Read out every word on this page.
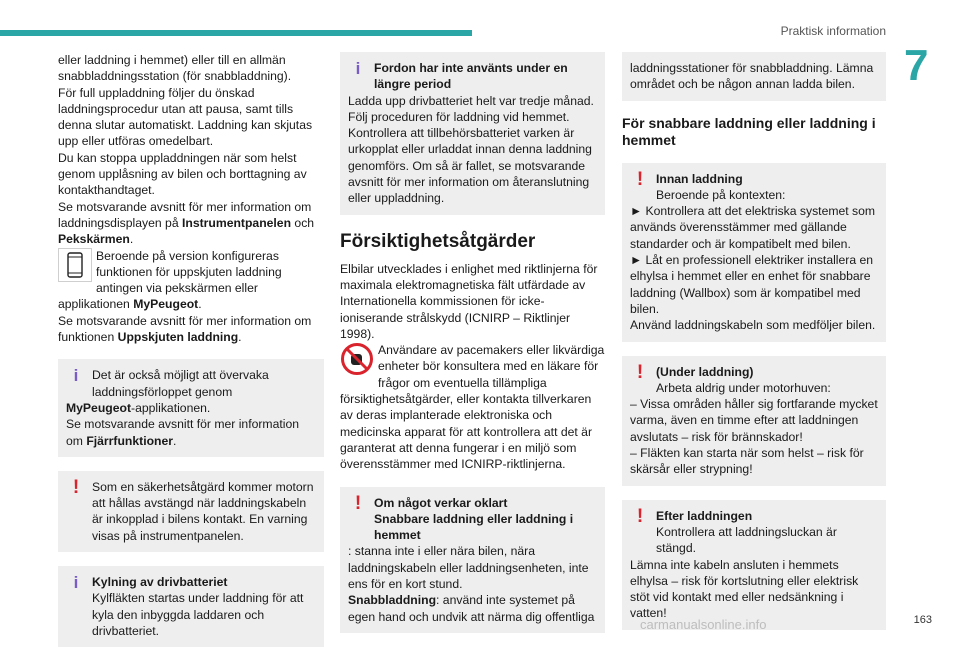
Praktisk information
7

eller laddning i hemmet) eller till en allmän snabbladdningsstation (för snabbladdning).

För full uppladdning följer du önskad laddningsprocedur utan att pausa, samt tills denna slutar automatiskt. Laddning kan skjutas upp eller utföras omedelbart.

Du kan stoppa uppladdningen när som helst genom upplåsning av bilen och borttagning av kontakthandtaget.

Se motsvarande avsnitt för mer information om laddningsdisplayen på Instrumentpanelen och Pekskärmen.

Beroende på version konfigureras funktionen för uppskjuten laddning antingen via pekskärmen eller applikationen MyPeugeot.

Se motsvarande avsnitt för mer information om funktionen Uppskjuten laddning.

i	Det är också möjligt att övervaka laddningsförloppet genom

MyPeugeot-applikationen.

Se motsvarande avsnitt för mer information om Fjärrfunktioner.

!	Som en säkerhetsåtgärd kommer motorn att hållas avstängd när laddningskabeln är inkopplad i bilens kontakt. En varning visas på instrumentpanelen.

i	Kylning av drivbatteriet

Kylfläkten startas under laddning för att kyla den inbyggda laddaren och drivbatteriet.

i	Fordon har inte använts under en längre period

Ladda upp drivbatteriet helt var tredje månad. Följ proceduren för laddning vid hemmet. Kontrollera att tillbehörsbatteriet varken är urkopplat eller urladdat innan denna laddning genomförs. Om så är fallet, se motsvarande avsnitt för mer information om återanslutning eller uppladdning.

Försiktighetsåtgärder

Elbilar utvecklades i enlighet med riktlinjerna för maximala elektromagnetiska fält utfärdade av Internationella kommissionen för icke-ioniserande strålskydd (ICNIRP – Riktlinjer 1998).

Användare av pacemakers eller likvärdiga enheter bör konsultera med en läkare för frågor om eventuella tillämpliga försiktighetsåtgärder, eller kontakta tillverkaren av deras implanterade elektroniska och medicinska apparat för att kontrollera att det är garanterat att denna fungerar i en miljö som överensstämmer med ICNIRP-riktlinjerna.

!	Om något verkar oklart

Snabbare laddning eller laddning i hemmet

: stanna inte i eller nära bilen, nära laddningskabeln eller laddningsenheten, inte ens för en kort stund.

Snabbladdning: använd inte systemet på egen hand och undvik att närma dig offentliga

laddningsstationer för snabbladdning. Lämna området och be någon annan ladda bilen.

För snabbare laddning eller laddning i hemmet
!	Innan laddning

Beroende på kontexten:

► Kontrollera att det elektriska systemet som används överensstämmer med gällande standarder och är kompatibelt med bilen.

► Låt en professionell elektriker installera en elhylsa i hemmet eller en enhet för snabbare laddning (Wallbox) som är kompatibel med bilen.

Använd laddningskabeln som medföljer bilen.

!	(Under laddning)

Arbeta aldrig under motorhuven:

– Vissa områden håller sig fortfarande mycket varma, även en timme efter att laddningen avslutats – risk för brännskador!

– Fläkten kan starta när som helst – risk för skärsår eller strypning!

!	Efter laddningen

Kontrollera att laddningsluckan är stängd.

Lämna inte kabeln ansluten i hemmets elhylsa – risk för kortslutning eller elektrisk stöt vid kontakt med eller nedsänkning i vatten!

carmanualsonline.info	163
